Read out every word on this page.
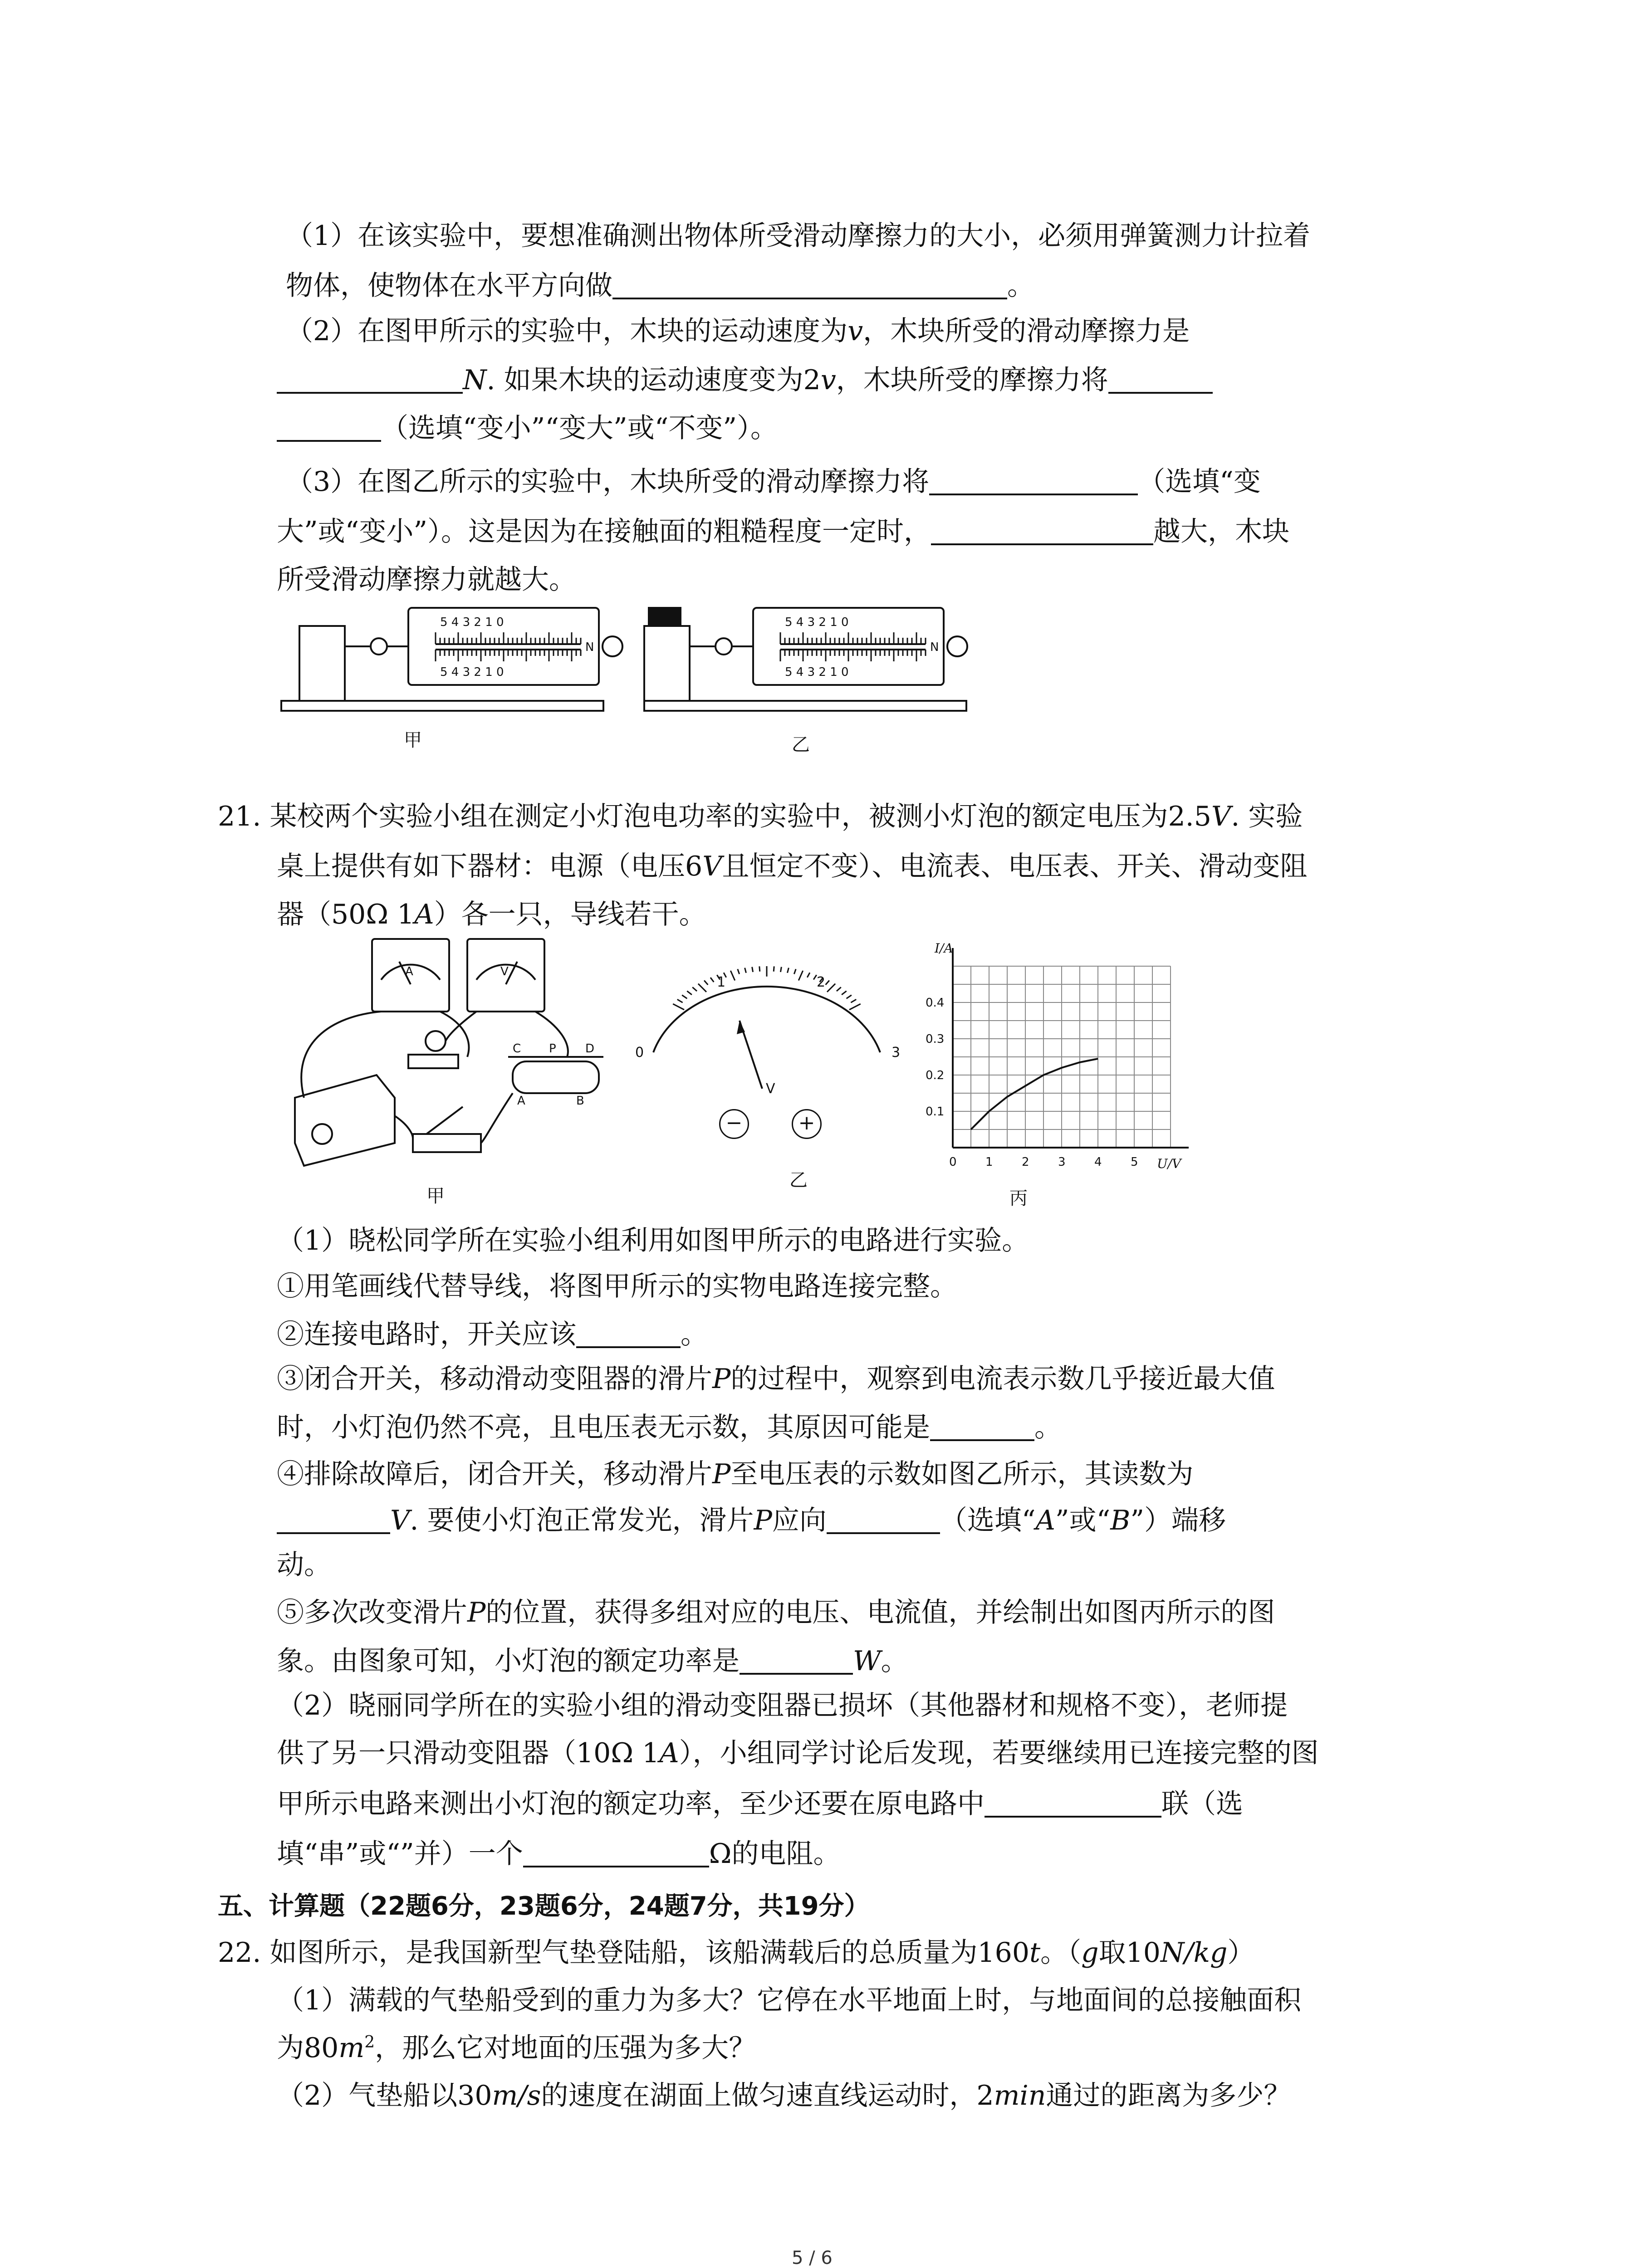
（1）在该实验中，要想准确测出物体所受滑动摩擦力的大小，必须用弹簧测力计拉着
物体，使物体在水平方向做	。
（2）在图甲所示的实验中，木块的运动速度为v，木块所受的滑动摩擦力是
N. 如果木块的运动速度变为2v，木块所受的摩擦力将
（选填“变小”“变大”或“不变”）。
（3）在图乙所示的实验中，木块所受的滑动摩擦力将	（选填“变
大”或“变小”）。这是因为在接触面的粗糙程度一定时，	越大，木块
所受滑动摩擦力就越大。
5 4 3 2 1 0
5 4 3 2 1 0
N
5 4 3 2 1 0
5 4 3 2 1 0
N
甲	乙
21. 某校两个实验小组在测定小灯泡电功率的实验中，被测小灯泡的额定电压为2.5V. 实验
桌上提供有如下器材：电源（电压6V且恒定不变）、电流表、电压表、开关、滑动变阻
器（50Ω 1A）各一只，导线若干。
A	V
C P D
A	B
甲
0
1	2
3
V
−	+
乙
0 1 2 3 4 5
0.1
0.2
0.3
0.4
I/A
U/V
丙
（1）晓松同学所在实验小组利用如图甲所示的电路进行实验。
①用笔画线代替导线，将图甲所示的实物电路连接完整。
②连接电路时，开关应该	。
③闭合开关，移动滑动变阻器的滑片P的过程中，观察到电流表示数几乎接近最大值
时，小灯泡仍然不亮，且电压表无示数，其原因可能是	。
④排除故障后，闭合开关，移动滑片P至电压表的示数如图乙所示，其读数为
V. 要使小灯泡正常发光，滑片P应向	（选填“A”或“B”）端移
动。
⑤多次改变滑片P的位置，获得多组对应的电压、电流值，并绘制出如图丙所示的图
象。由图象可知，小灯泡的额定功率是	W。
（2）晓丽同学所在的实验小组的滑动变阻器已损坏（其他器材和规格不变），老师提
供了另一只滑动变阻器（10Ω 1A），小组同学讨论后发现，若要继续用已连接完整的图
甲所示电路来测出小灯泡的额定功率，至少还要在原电路中	联（选
填“串”或“”并）一个	Ω的电阻。
五、计算题（22题6分，23题6分，24题7分，共19分）
22. 如图所示，是我国新型气垫登陆船，该船满载后的总质量为160t。（g取10N/kg）
（1）满载的气垫船受到的重力为多大？它停在水平地面上时，与地面间的总接触面积
为$80m^2$，那么它对地面的压强为多大？
（2）气垫船以30m/s的速度在湖面上做匀速直线运动时，2min通过的距离为多少？
5 / 6
